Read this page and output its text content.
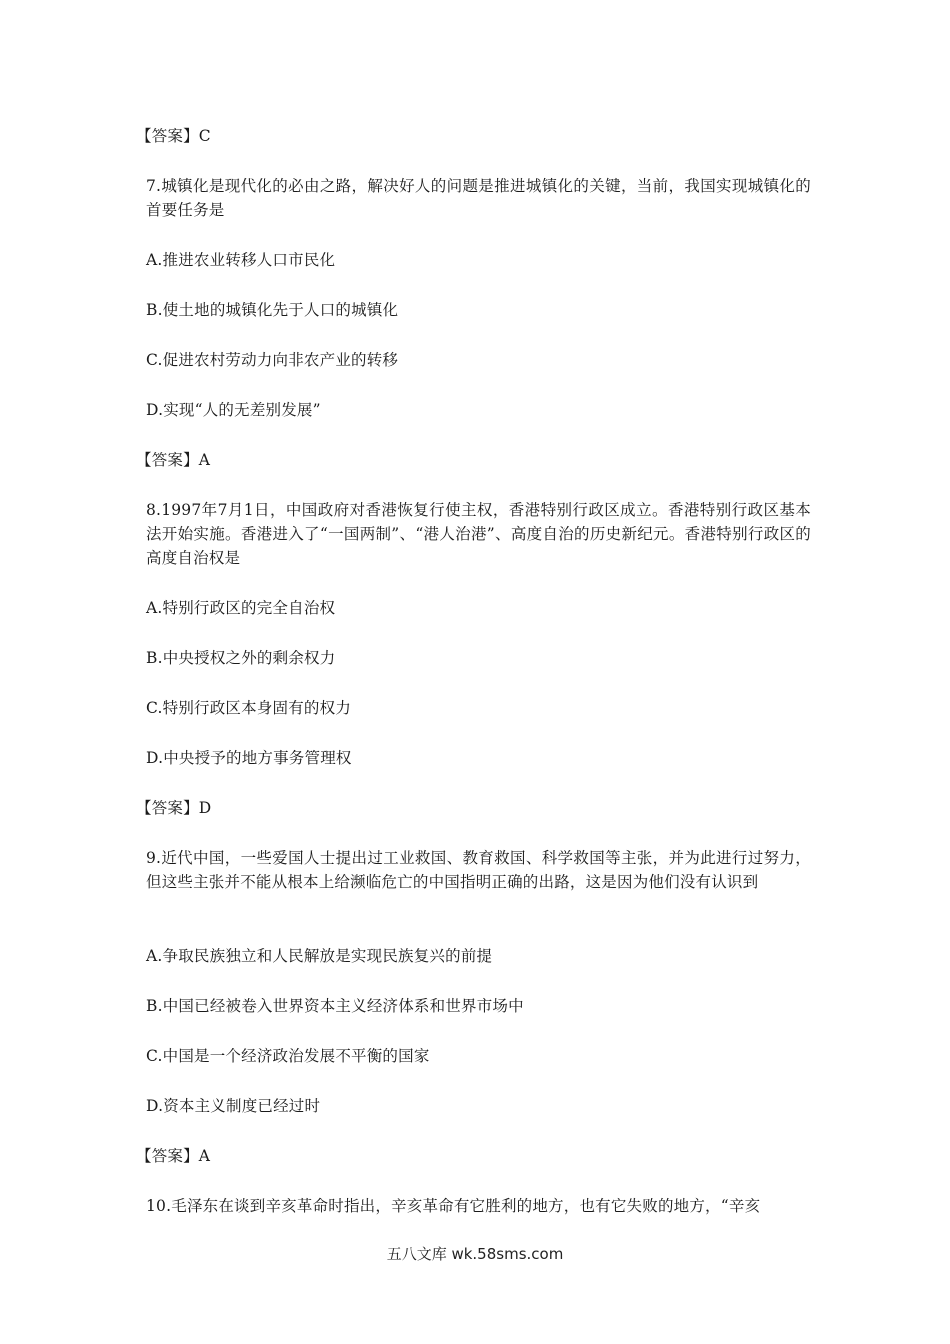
【答案】C
7.城镇化是现代化的必由之路，解决好人的问题是推进城镇化的关键，当前，我国实现城镇化的首要任务是
A.推进农业转移人口市民化
B.使土地的城镇化先于人口的城镇化
C.促进农村劳动力向非农产业的转移
D.实现“人的无差别发展”
【答案】A
8.1997年7月1日，中国政府对香港恢复行使主权，香港特别行政区成立。香港特别行政区基本法开始实施。香港进入了“一国两制”、“港人治港”、高度自治的历史新纪元。香港特别行政区的高度自治权是
A.特别行政区的完全自治权
B.中央授权之外的剩余权力
C.特别行政区本身固有的权力
D.中央授予的地方事务管理权
【答案】D
9.近代中国，一些爱国人士提出过工业救国、教育救国、科学救国等主张，并为此进行过努力，但这些主张并不能从根本上给濒临危亡的中国指明正确的出路，这是因为他们没有认识到
A.争取民族独立和人民解放是实现民族复兴的前提
B.中国已经被卷入世界资本主义经济体系和世界市场中
C.中国是一个经济政治发展不平衡的国家
D.资本主义制度已经过时
【答案】A
10.毛泽东在谈到辛亥革命时指出，辛亥革命有它胜利的地方，也有它失败的地方，“辛亥
五八文库 wk.58sms.com
